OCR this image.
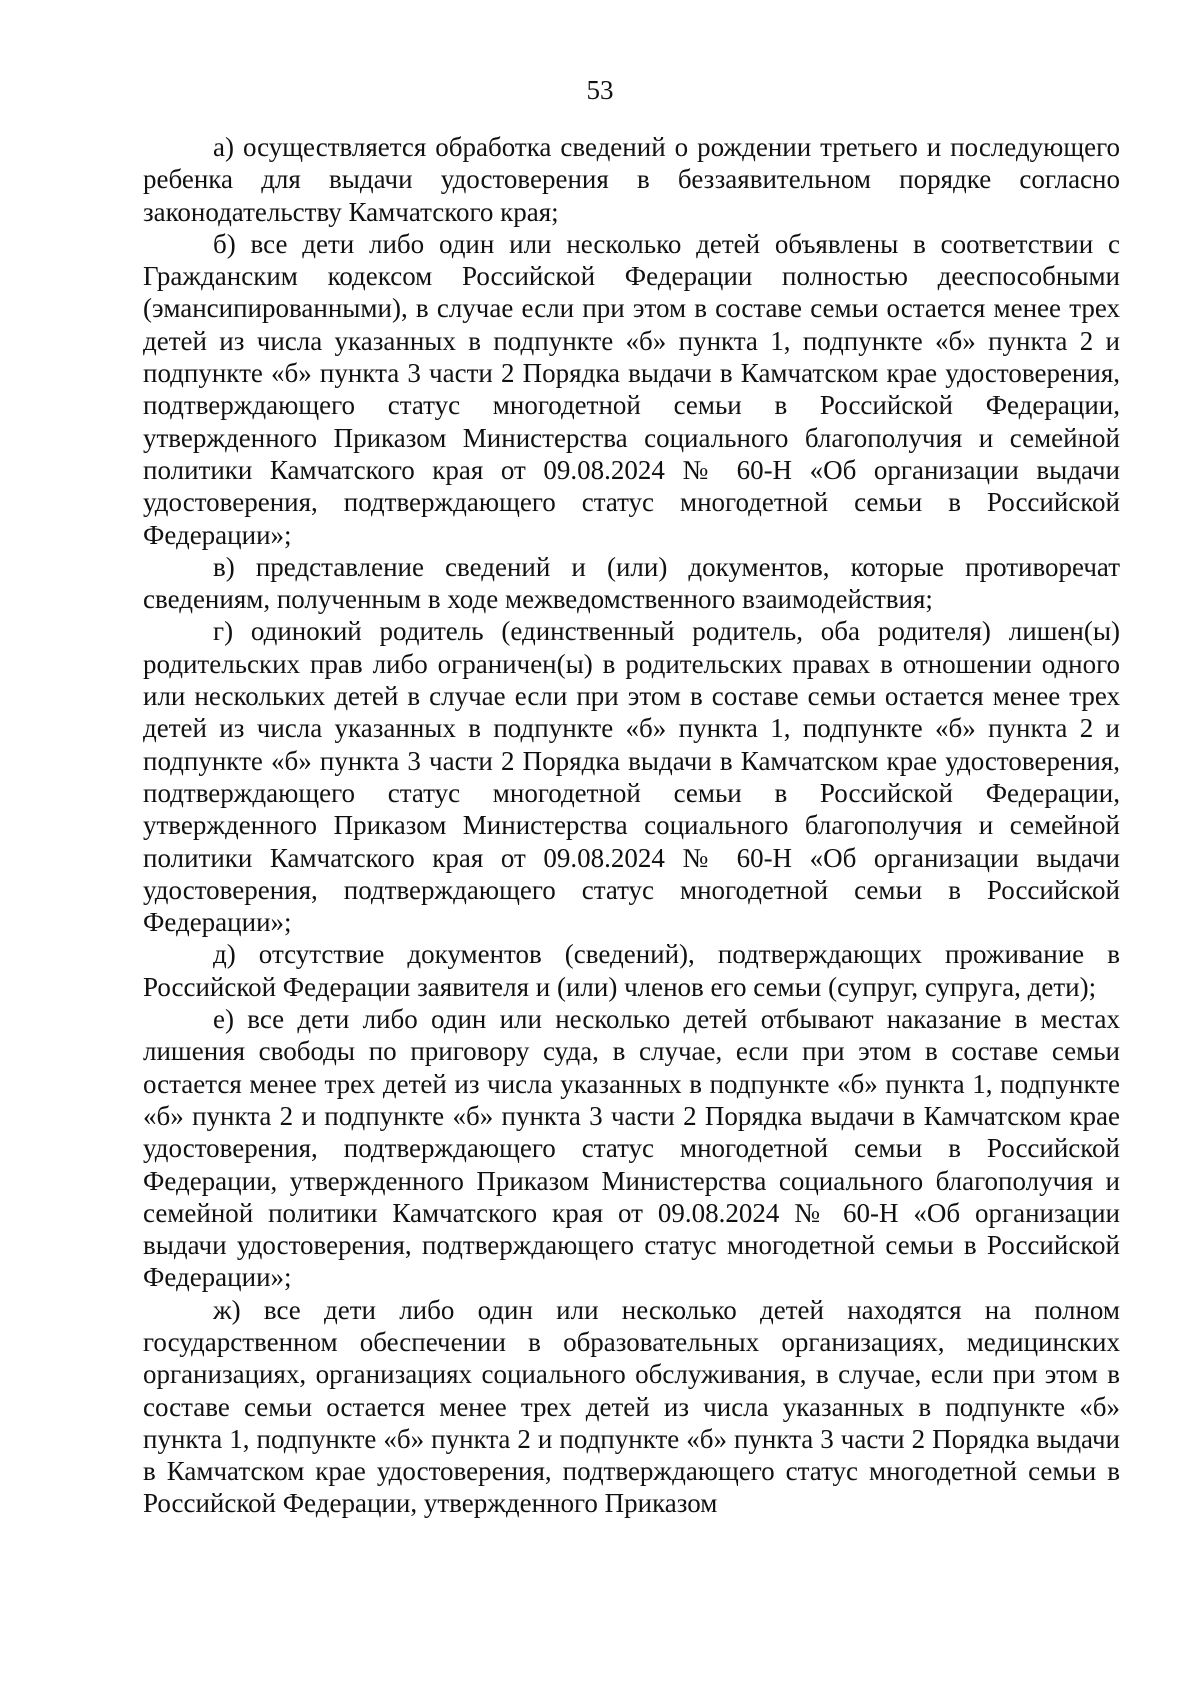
53

а) осуществляется обработка сведений о рождении третьего и последующего ребенка для выдачи удостоверения в беззаявительном порядке согласно законодательству Камчатского края;

б) все дети либо один или несколько детей объявлены в соответствии с Гражданским кодексом Российской Федерации полностью дееспособными (эмансипированными), в случае если при этом в составе семьи остается менее трех детей из числа указанных в подпункте «б» пункта 1, подпункте «б» пункта 2 и подпункте «б» пункта 3 части 2 Порядка выдачи в Камчатском крае удостоверения, подтверждающего статус многодетной семьи в Российской Федерации, утвержденного Приказом Министерства социального благополучия и семейной политики Камчатского края от 09.08.2024 № 60-Н «Об организации выдачи удостоверения, подтверждающего статус многодетной семьи в Российской Федерации»;

в) представление сведений и (или) документов, которые противоречат сведениям, полученным в ходе межведомственного взаимодействия;

г) одинокий родитель (единственный родитель, оба родителя) лишен(ы) родительских прав либо ограничен(ы) в родительских правах в отношении одного или нескольких детей в случае если при этом в составе семьи остается менее трех детей из числа указанных в подпункте «б» пункта 1, подпункте «б» пункта 2 и подпункте «б» пункта 3 части 2 Порядка выдачи в Камчатском крае удостоверения, подтверждающего статус многодетной семьи в Российской Федерации, утвержденного Приказом Министерства социального благополучия и семейной политики Камчатского края от 09.08.2024 № 60-Н «Об организации выдачи удостоверения, подтверждающего статус многодетной семьи в Российской Федерации»;

д) отсутствие документов (сведений), подтверждающих проживание в Российской Федерации заявителя и (или) членов его семьи (супруг, супруга, дети);

е) все дети либо один или несколько детей отбывают наказание в местах лишения свободы по приговору суда, в случае, если при этом в составе семьи остается менее трех детей из числа указанных в подпункте «б» пункта 1, подпункте «б» пункта 2 и подпункте «б» пункта 3 части 2 Порядка выдачи в Камчатском крае удостоверения, подтверждающего статус многодетной семьи в Российской Федерации, утвержденного Приказом Министерства социального благополучия и семейной политики Камчатского края от 09.08.2024 № 60-Н «Об организации выдачи удостоверения, подтверждающего статус многодетной семьи в Российской Федерации»;

ж) все дети либо один или несколько детей находятся на полном государственном обеспечении в образовательных организациях, медицинских организациях, организациях социального обслуживания, в случае, если при этом в составе семьи остается менее трех детей из числа указанных в подпункте «б» пункта 1, подпункте «б» пункта 2 и подпункте «б» пункта 3 части 2 Порядка выдачи в Камчатском крае удостоверения, подтверждающего статус многодетной семьи в Российской Федерации, утвержденного Приказом
